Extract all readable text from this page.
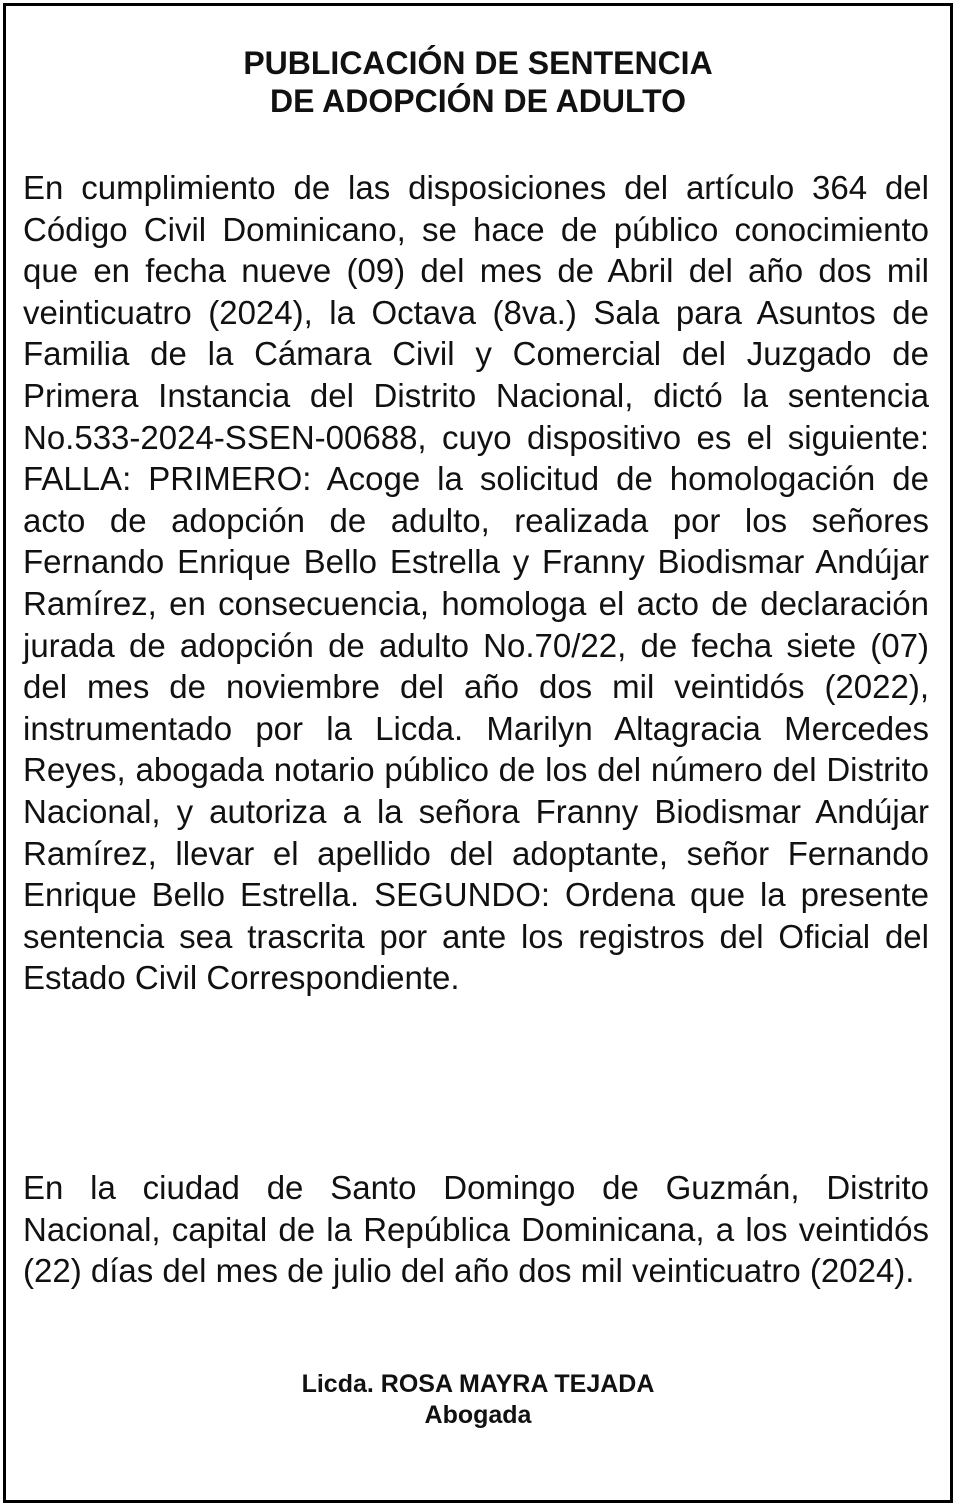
PUBLICACIÓN DE SENTENCIA
DE ADOPCIÓN DE ADULTO
En cumplimiento de las disposiciones del artículo 364 del Código Civil Dominicano, se hace de público conocimiento que en fecha nueve (09) del mes de Abril del año dos mil veinticuatro (2024), la Octava (8va.) Sala para Asuntos de Familia de la Cámara Civil y Comercial del Juzgado de Primera Instancia del Distrito Nacional, dictó la sentencia No.533-2024-SSEN-00688, cuyo dispositivo es el siguiente: FALLA: PRIMERO: Acoge la solicitud de homologación de acto de adopción de adulto, realizada por los señores Fernando Enrique Bello Estrella y Franny Biodismar Andújar Ramírez, en consecuencia, homologa el acto de declaración jurada de adopción de adulto No.70/22, de fecha siete (07) del mes de noviembre del año dos mil veintidós (2022), instrumentado por la Licda. Marilyn Altagracia Mercedes Reyes, abogada notario público de los del número del Distrito Nacional, y autoriza a la señora Franny Biodismar Andújar Ramírez, llevar el apellido del adoptante, señor Fernando Enrique Bello Estrella. SEGUNDO: Ordena que la presente sentencia sea trascrita por ante los registros del Oficial del Estado Civil Correspondiente.
En la ciudad de Santo Domingo de Guzmán, Distrito Nacional, capital de la República Dominicana, a los veintidós (22) días del mes de julio del año dos mil veinticuatro (2024).
Licda. ROSA MAYRA TEJADA
Abogada
